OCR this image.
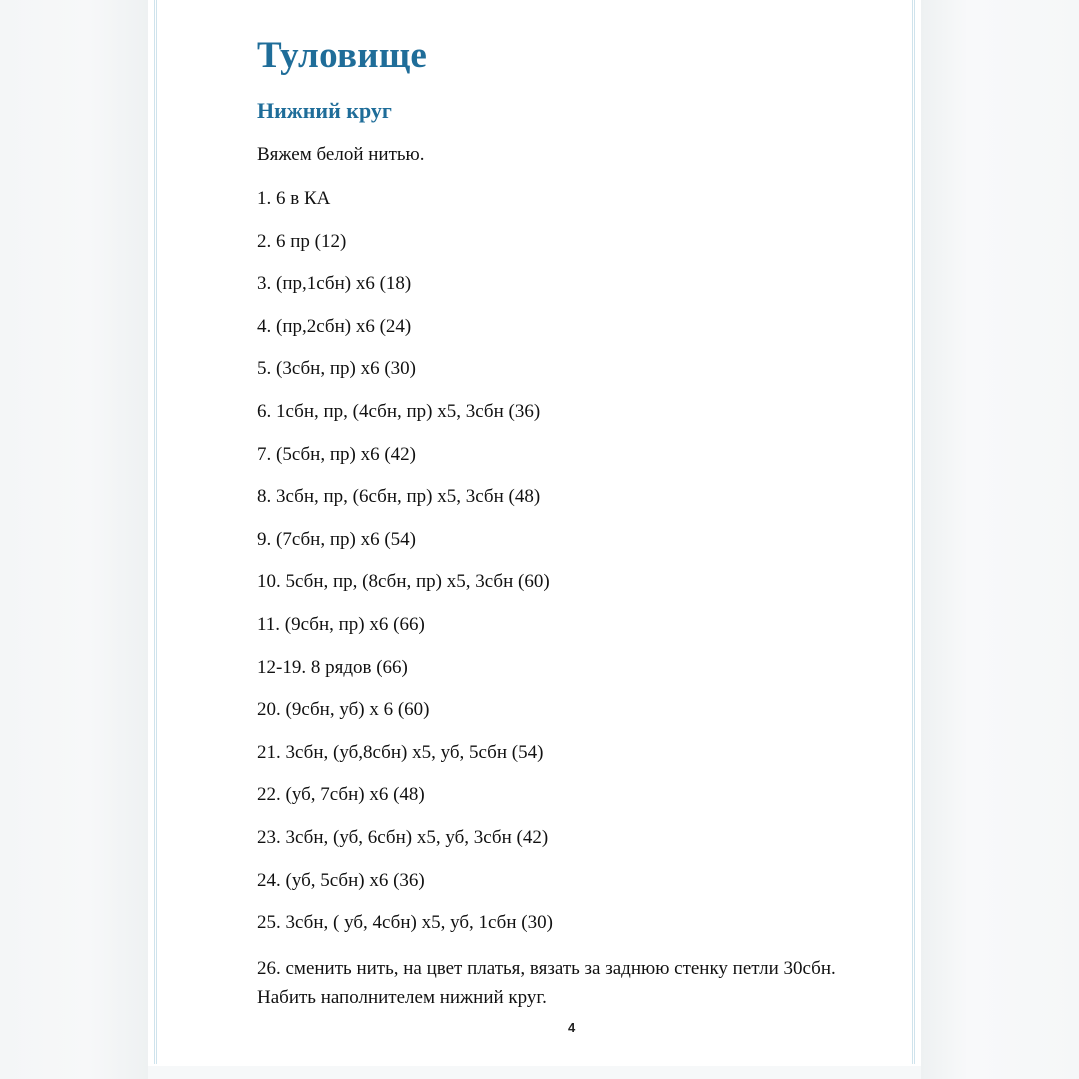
Туловище
Нижний круг

Вяжем белой нитью.

1. 6 в КА
2. 6 пр (12)
3. (пр,1сбн) х6 (18)
4. (пр,2сбн) х6 (24)
5. (3сбн, пр) х6 (30)
6. 1сбн, пр, (4сбн, пр) х5, 3сбн (36)
7. (5сбн, пр) х6 (42)
8. 3сбн, пр, (6сбн, пр) х5, 3сбн (48)
9. (7сбн, пр) х6 (54)
10. 5сбн, пр, (8сбн, пр) х5, 3сбн (60)
11. (9сбн, пр) х6 (66)
12-19. 8 рядов (66)
20. (9сбн, уб) х 6 (60)
21. 3сбн, (уб,8сбн) х5, уб, 5сбн (54)
22. (уб, 7сбн) х6 (48)
23. 3сбн, (уб, 6сбн) х5, уб, 3сбн (42)
24. (уб, 5сбн) х6 (36)
25. 3сбн, ( уб, 4сбн) х5, уб, 1сбн (30)

26. сменить нить, на цвет платья, вязать за заднюю стенку петли 30сбн. Набить наполнителем нижний круг.

4
